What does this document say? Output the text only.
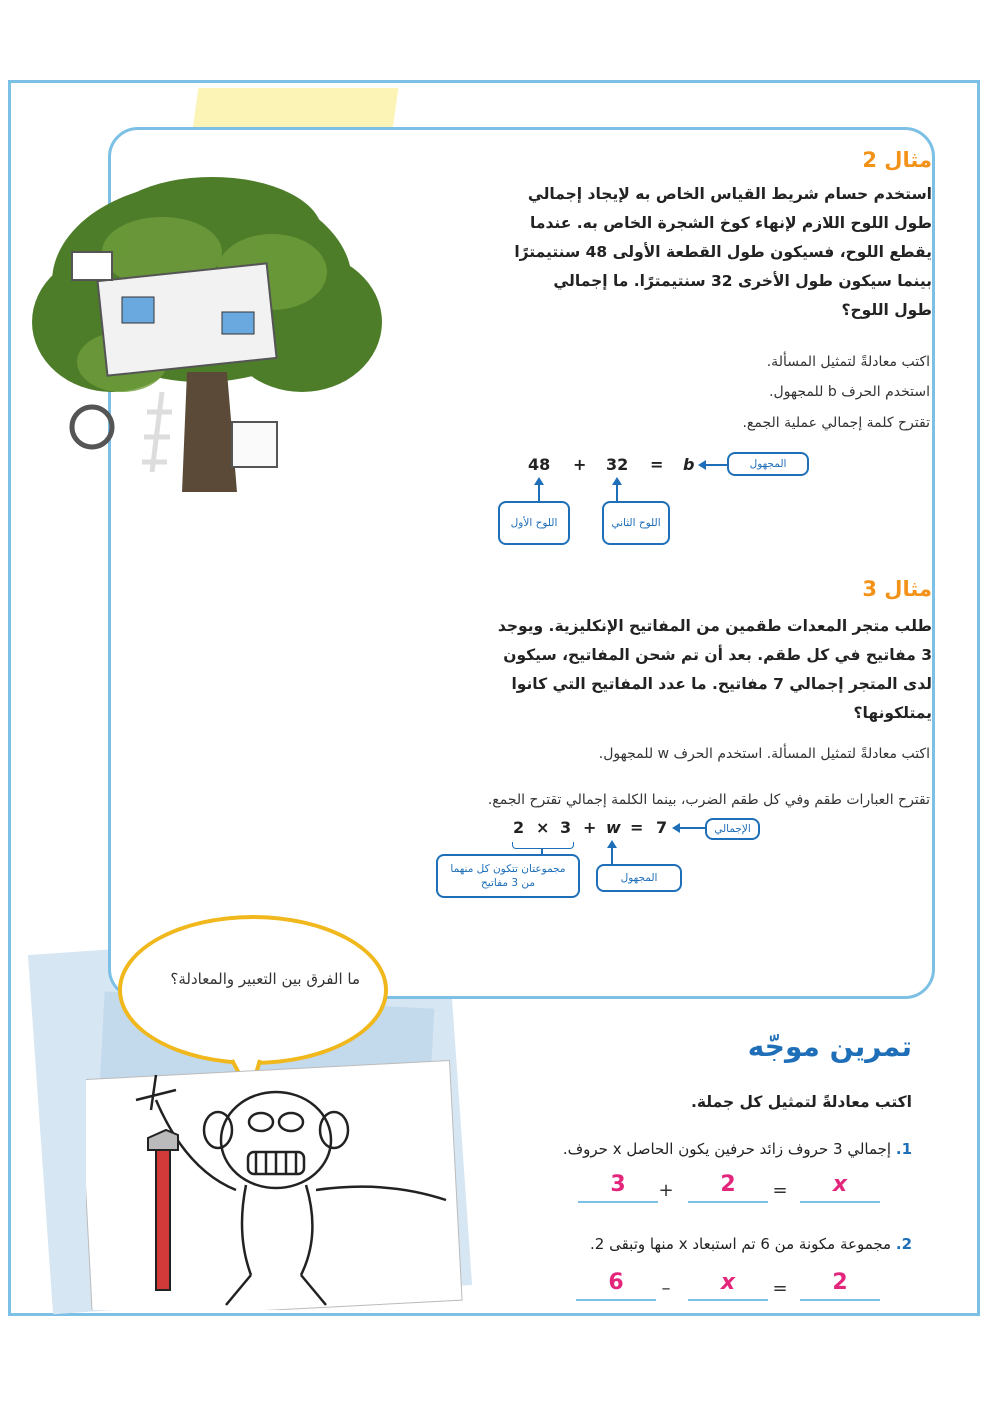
مثال 2
استخدم حسام شريط القياس الخاص به لإيجاد إجمالي طول اللوح اللازم لإنهاء كوخ الشجرة الخاص به. عندما يقطع اللوح، فسيكون طول القطعة الأولى 48 سنتيمترًا بينما سيكون طول الأخرى 32 سنتيمترًا. ما إجمالي طول اللوح؟
اكتب معادلةً لتمثيل المسألة.
استخدم الحرف b للمجهول.
تقترح كلمة إجمالي عملية الجمع.
48 + 32 = b	المجهول
اللوح الأول	اللوح الثاني
مثال 3
طلب متجر المعدات طقمين من المفاتيح الإنكليزية. ويوجد 3 مفاتيح في كل طقم. بعد أن تم شحن المفاتيح، سيكون لدى المتجر إجمالي 7 مفاتيح. ما عدد المفاتيح التي كانوا يمتلكونها؟
اكتب معادلةً لتمثيل المسألة. استخدم الحرف w للمجهول.
تقترح العبارات طقم وفي كل طقم الضرب، بينما الكلمة إجمالي تقترح الجمع.
2 × 3 + w = 7	الإجمالي
مجموعتان تتكون كل منهما من 3 مفاتيح	المجهول
ما الفرق بين التعبير والمعادلة؟
تمرين موجّه
اكتب معادلةً لتمثيل كل جملة.
1. إجمالي 3 حروف زائد حرفين يكون الحاصل x حروف.
3	+	2	=	x
2. مجموعة مكونة من 6 تم استبعاد x منها وتبقى 2.
6	–	x	=	2
